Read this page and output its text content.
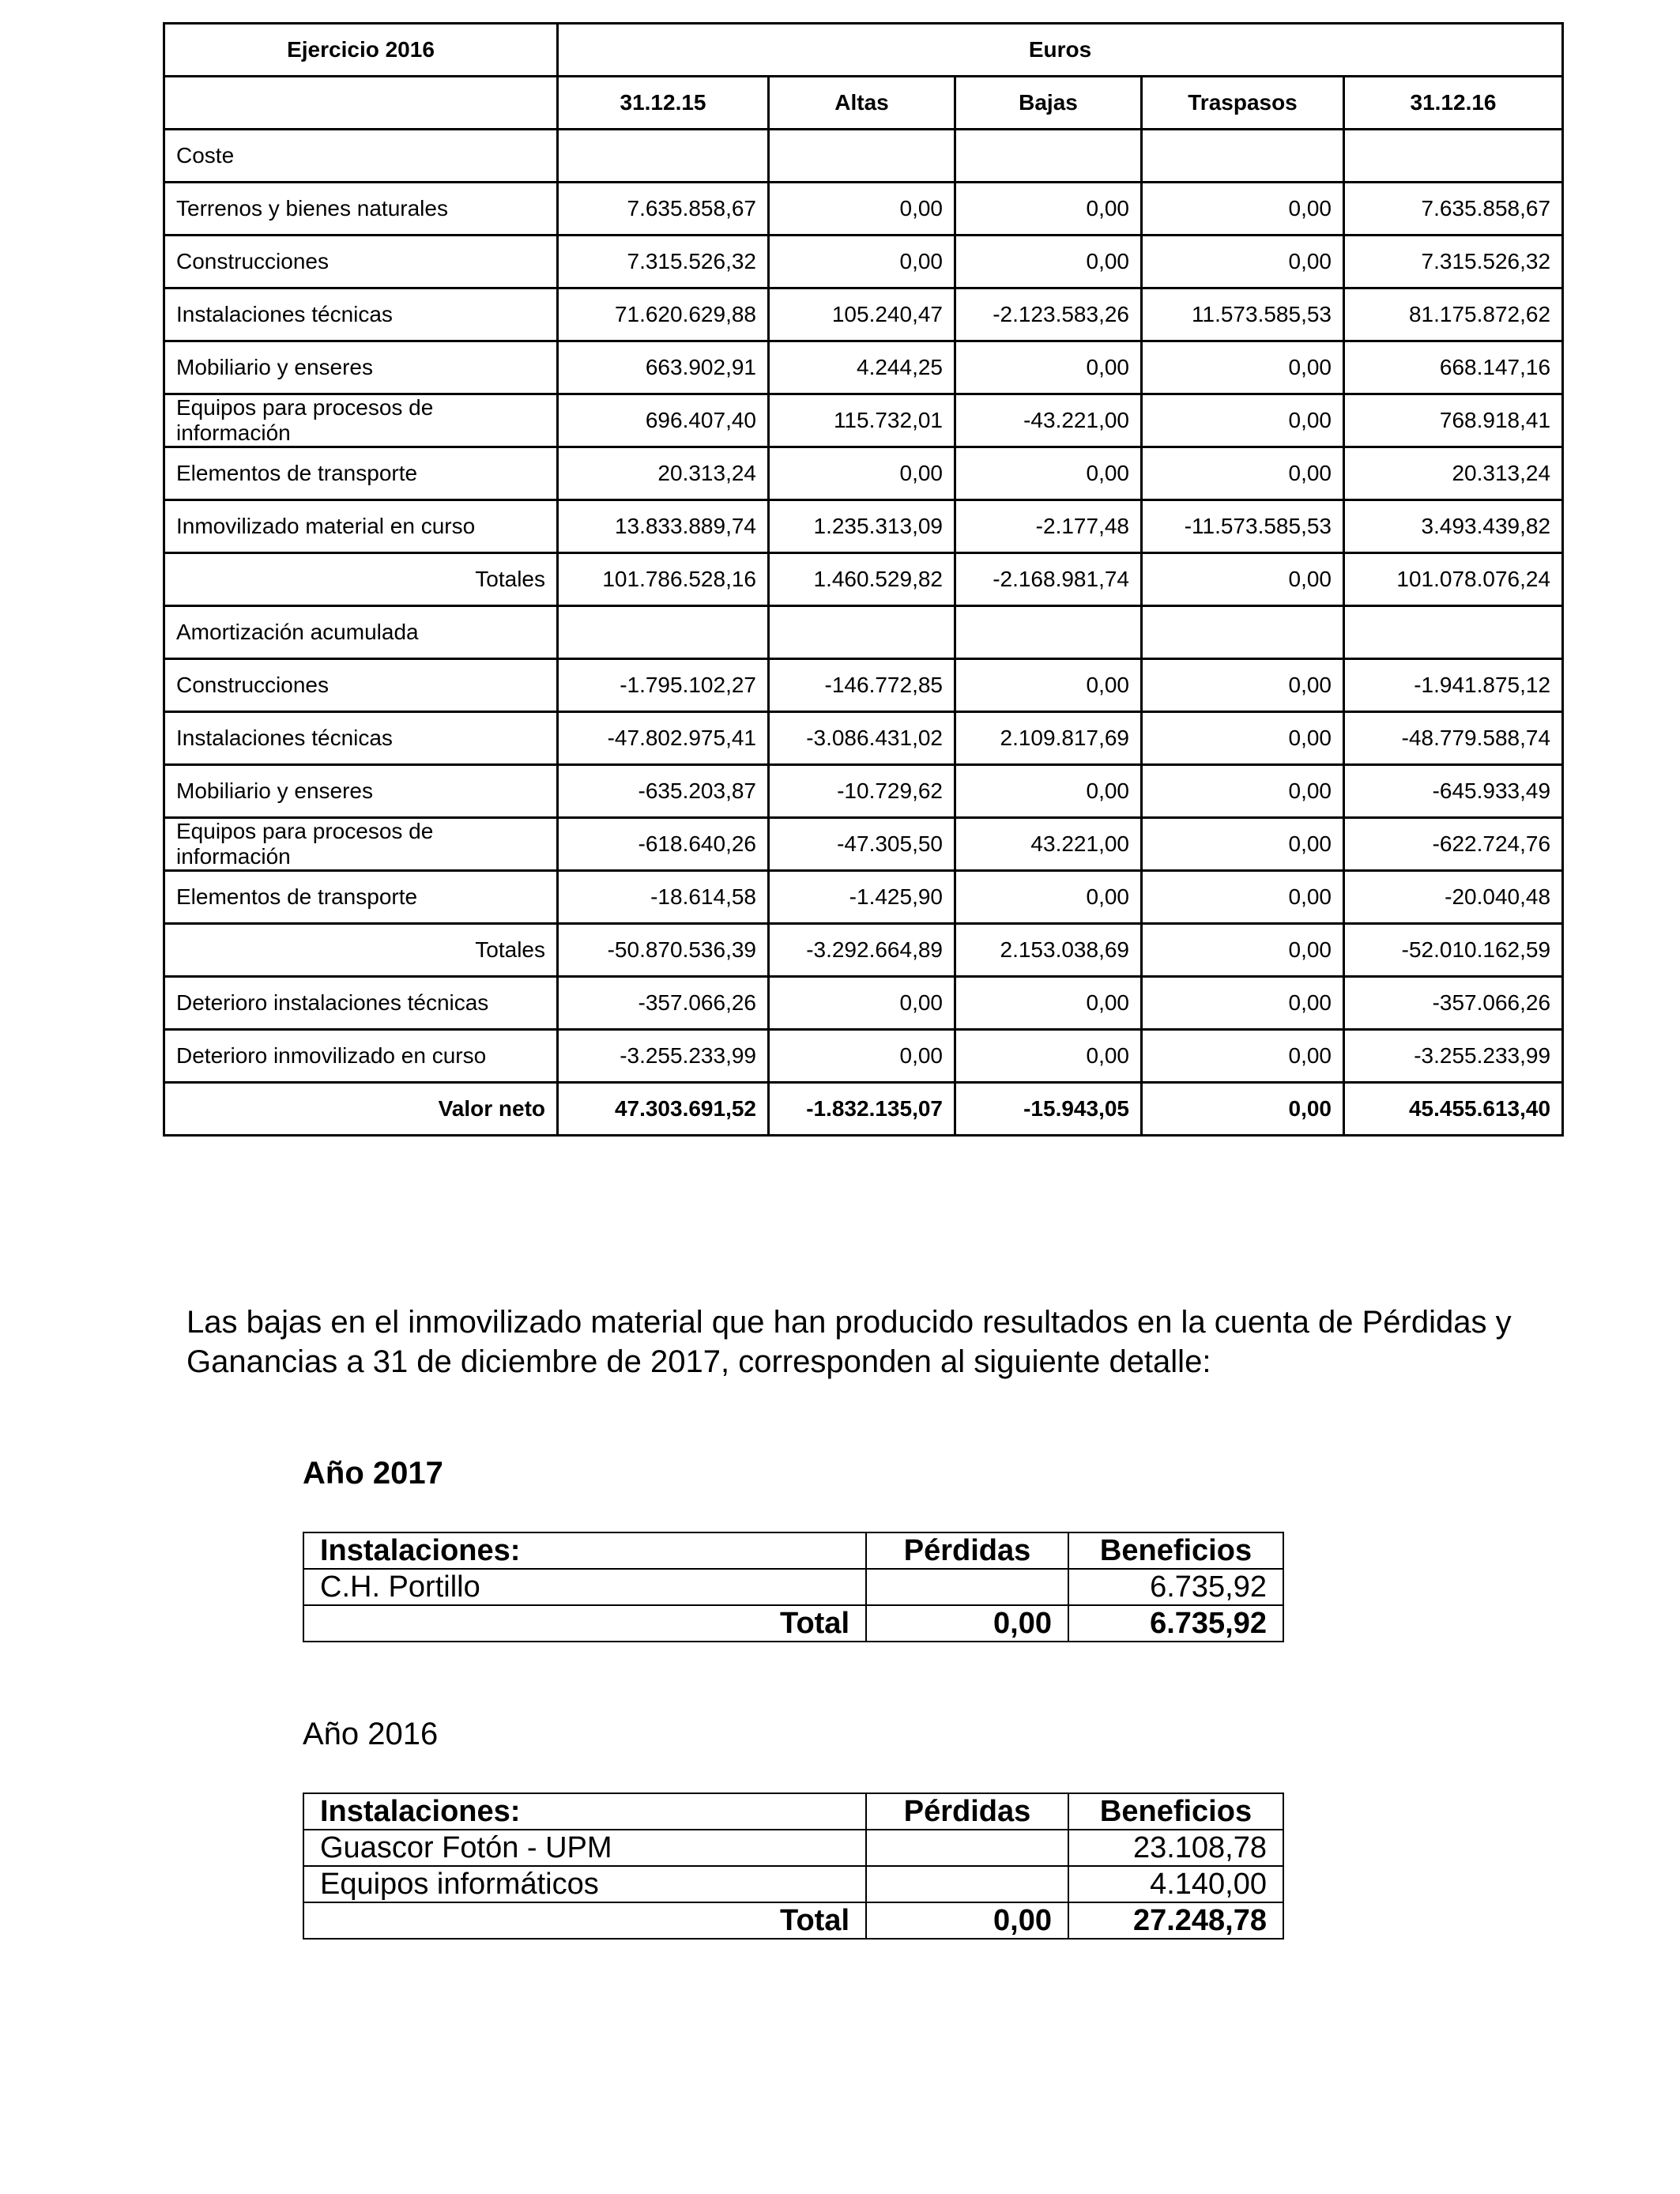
Ejercicio 2016	Euros				
	31.12.15	Altas	Bajas	Traspasos	31.12.16
Coste					
Terrenos y bienes naturales	7.635.858,67	0,00	0,00	0,00	7.635.858,67
Construcciones	7.315.526,32	0,00	0,00	0,00	7.315.526,32
Instalaciones técnicas	71.620.629,88	105.240,47	-2.123.583,26	11.573.585,53	81.175.872,62
Mobiliario y enseres	663.902,91	4.244,25	0,00	0,00	668.147,16
Equipos para procesos de información	696.407,40	115.732,01	-43.221,00	0,00	768.918,41
Elementos de transporte	20.313,24	0,00	0,00	0,00	20.313,24
Inmovilizado material en curso	13.833.889,74	1.235.313,09	-2.177,48	-11.573.585,53	3.493.439,82
Totales	101.786.528,16	1.460.529,82	-2.168.981,74	0,00	101.078.076,24
Amortización acumulada					
Construcciones	-1.795.102,27	-146.772,85	0,00	0,00	-1.941.875,12
Instalaciones técnicas	-47.802.975,41	-3.086.431,02	2.109.817,69	0,00	-48.779.588,74
Mobiliario y enseres	-635.203,87	-10.729,62	0,00	0,00	-645.933,49
Equipos para procesos de información	-618.640,26	-47.305,50	43.221,00	0,00	-622.724,76
Elementos de transporte	-18.614,58	-1.425,90	0,00	0,00	-20.040,48
Totales	-50.870.536,39	-3.292.664,89	2.153.038,69	0,00	-52.010.162,59
Deterioro instalaciones técnicas	-357.066,26	0,00	0,00	0,00	-357.066,26
Deterioro inmovilizado en curso	-3.255.233,99	0,00	0,00	0,00	-3.255.233,99
Valor neto	47.303.691,52	-1.832.135,07	-15.943,05	0,00	45.455.613,40
Las bajas en el inmovilizado material que han producido resultados en la cuenta de Pérdidas y Ganancias a 31 de diciembre de 2017, corresponden al siguiente detalle:
Año 2017
Instalaciones:	Pérdidas	Beneficios
C.H. Portillo		6.735,92
Total	0,00	6.735,92
Año 2016
Instalaciones:	Pérdidas	Beneficios
Guascor Fotón - UPM		23.108,78
Equipos informáticos		4.140,00
Total	0,00	27.248,78
